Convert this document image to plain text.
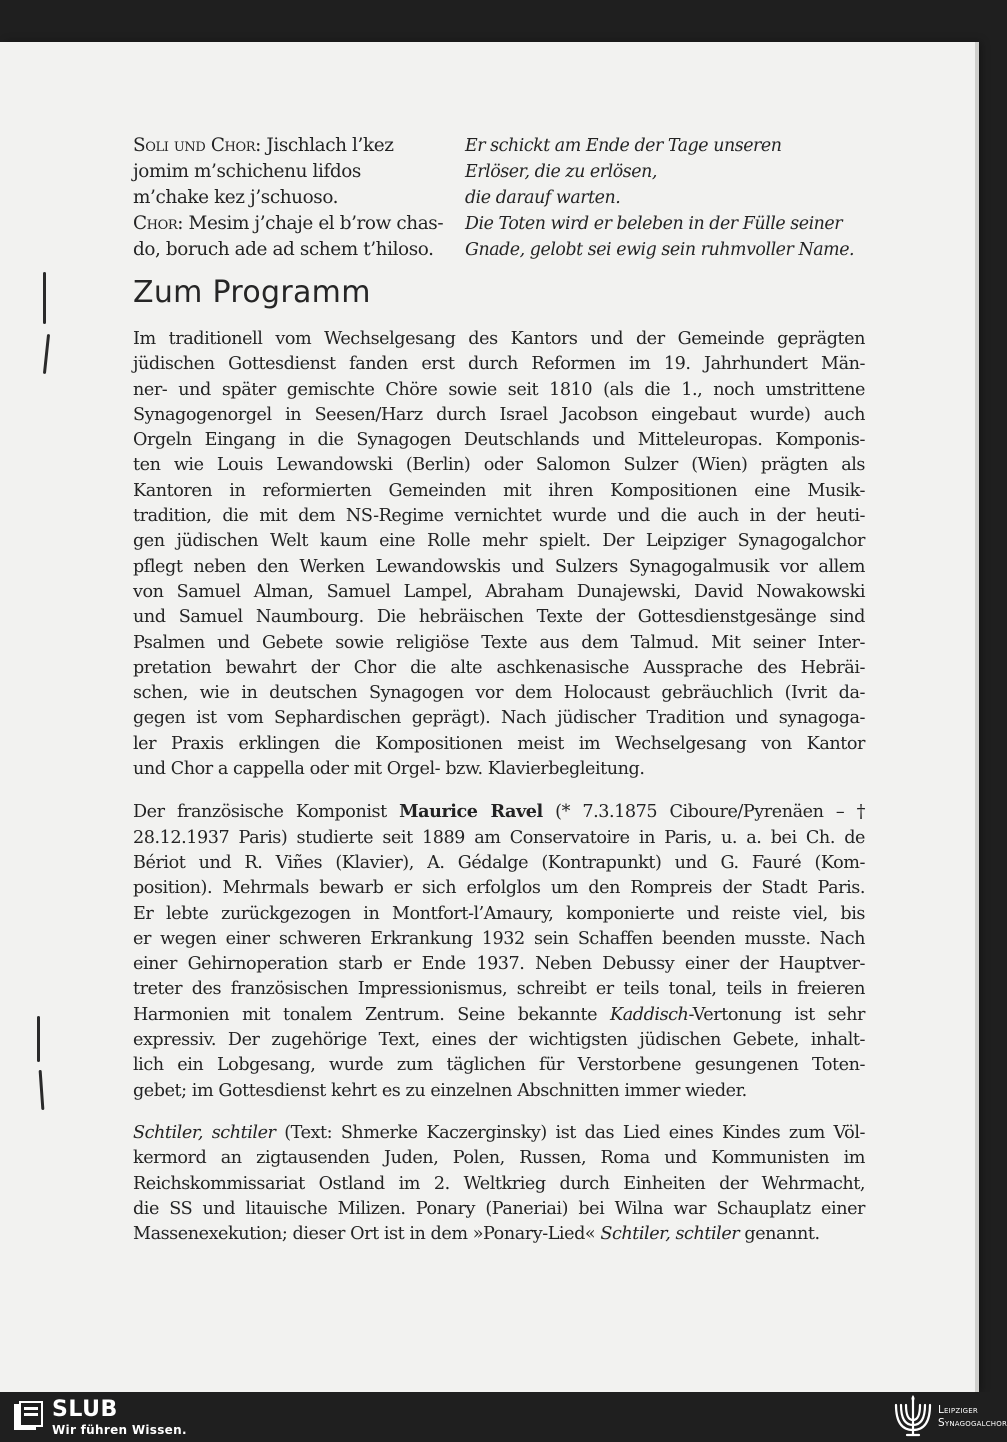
Soli und Chor: Jischlach l’kez
jomim m’schichenu lifdos
m’chake kez j’schuoso.
Chor: Mesim j’chaje el b’row chas-
do, boruch ade ad schem t’hiloso.
Er schickt am Ende der Tage unseren
Erlöser, die zu erlösen,
die darauf warten.
Die Toten wird er beleben in der Fülle seiner
Gnade, gelobt sei ewig sein ruhmvoller Name.
Zum Programm
Im traditionell vom Wechselgesang des Kantors und der Gemeinde geprägten
jüdischen Gottesdienst fanden erst durch Reformen im 19. Jahrhundert Män-
ner- und später gemischte Chöre sowie seit 1810 (als die 1., noch umstrittene
Synagogenorgel in Seesen/Harz durch Israel Jacobson eingebaut wurde) auch
Orgeln Eingang in die Synagogen Deutschlands und Mitteleuropas. Komponis-
ten wie Louis Lewandowski (Berlin) oder Salomon Sulzer (Wien) prägten als
Kantoren in reformierten Gemeinden mit ihren Kompositionen eine Musik-
tradition, die mit dem NS-Regime vernichtet wurde und die auch in der heuti-
gen jüdischen Welt kaum eine Rolle mehr spielt. Der Leipziger Synagogalchor
pflegt neben den Werken Lewandowskis und Sulzers Synagogalmusik vor allem
von Samuel Alman, Samuel Lampel, Abraham Dunajewski, David Nowakowski
und Samuel Naumbourg. Die hebräischen Texte der Gottesdienstgesänge sind
Psalmen und Gebete sowie religiöse Texte aus dem Talmud. Mit seiner Inter-
pretation bewahrt der Chor die alte aschkenasische Aussprache des Hebräi-
schen, wie in deutschen Synagogen vor dem Holocaust gebräuchlich (Ivrit da-
gegen ist vom Sephardischen geprägt). Nach jüdischer Tradition und synagoga-
ler Praxis erklingen die Kompositionen meist im Wechselgesang von Kantor
und Chor a cappella oder mit Orgel- bzw. Klavierbegleitung.
Der französische Komponist Maurice Ravel (* 7.3.1875 Ciboure/Pyrenäen – †
28.12.1937 Paris) studierte seit 1889 am Conservatoire in Paris, u. a. bei Ch. de
Bériot und R. Viñes (Klavier), A. Gédalge (Kontrapunkt) und G. Fauré (Kom-
position). Mehrmals bewarb er sich erfolglos um den Rompreis der Stadt Paris.
Er lebte zurückgezogen in Montfort-l’Amaury, komponierte und reiste viel, bis
er wegen einer schweren Erkrankung 1932 sein Schaffen beenden musste. Nach
einer Gehirnoperation starb er Ende 1937. Neben Debussy einer der Hauptver-
treter des französischen Impressionismus, schreibt er teils tonal, teils in freieren
Harmonien mit tonalem Zentrum. Seine bekannte Kaddisch-Vertonung ist sehr
expressiv. Der zugehörige Text, eines der wichtigsten jüdischen Gebete, inhalt-
lich ein Lobgesang, wurde zum täglichen für Verstorbene gesungenen Toten-
gebet; im Gottesdienst kehrt es zu einzelnen Abschnitten immer wieder.
Schtiler, schtiler (Text: Shmerke Kaczerginsky) ist das Lied eines Kindes zum Völ-
kermord an zigtausenden Juden, Polen, Russen, Roma und Kommunisten im
Reichskommissariat Ostland im 2. Weltkrieg durch Einheiten der Wehrmacht,
die SS und litauische Milizen. Ponary (Paneriai) bei Wilna war Schauplatz einer
Massenexekution; dieser Ort ist in dem »Ponary-Lied« Schtiler, schtiler genannt.
SLUB
Wir führen Wissen.
Leipziger
Synagogalchor
